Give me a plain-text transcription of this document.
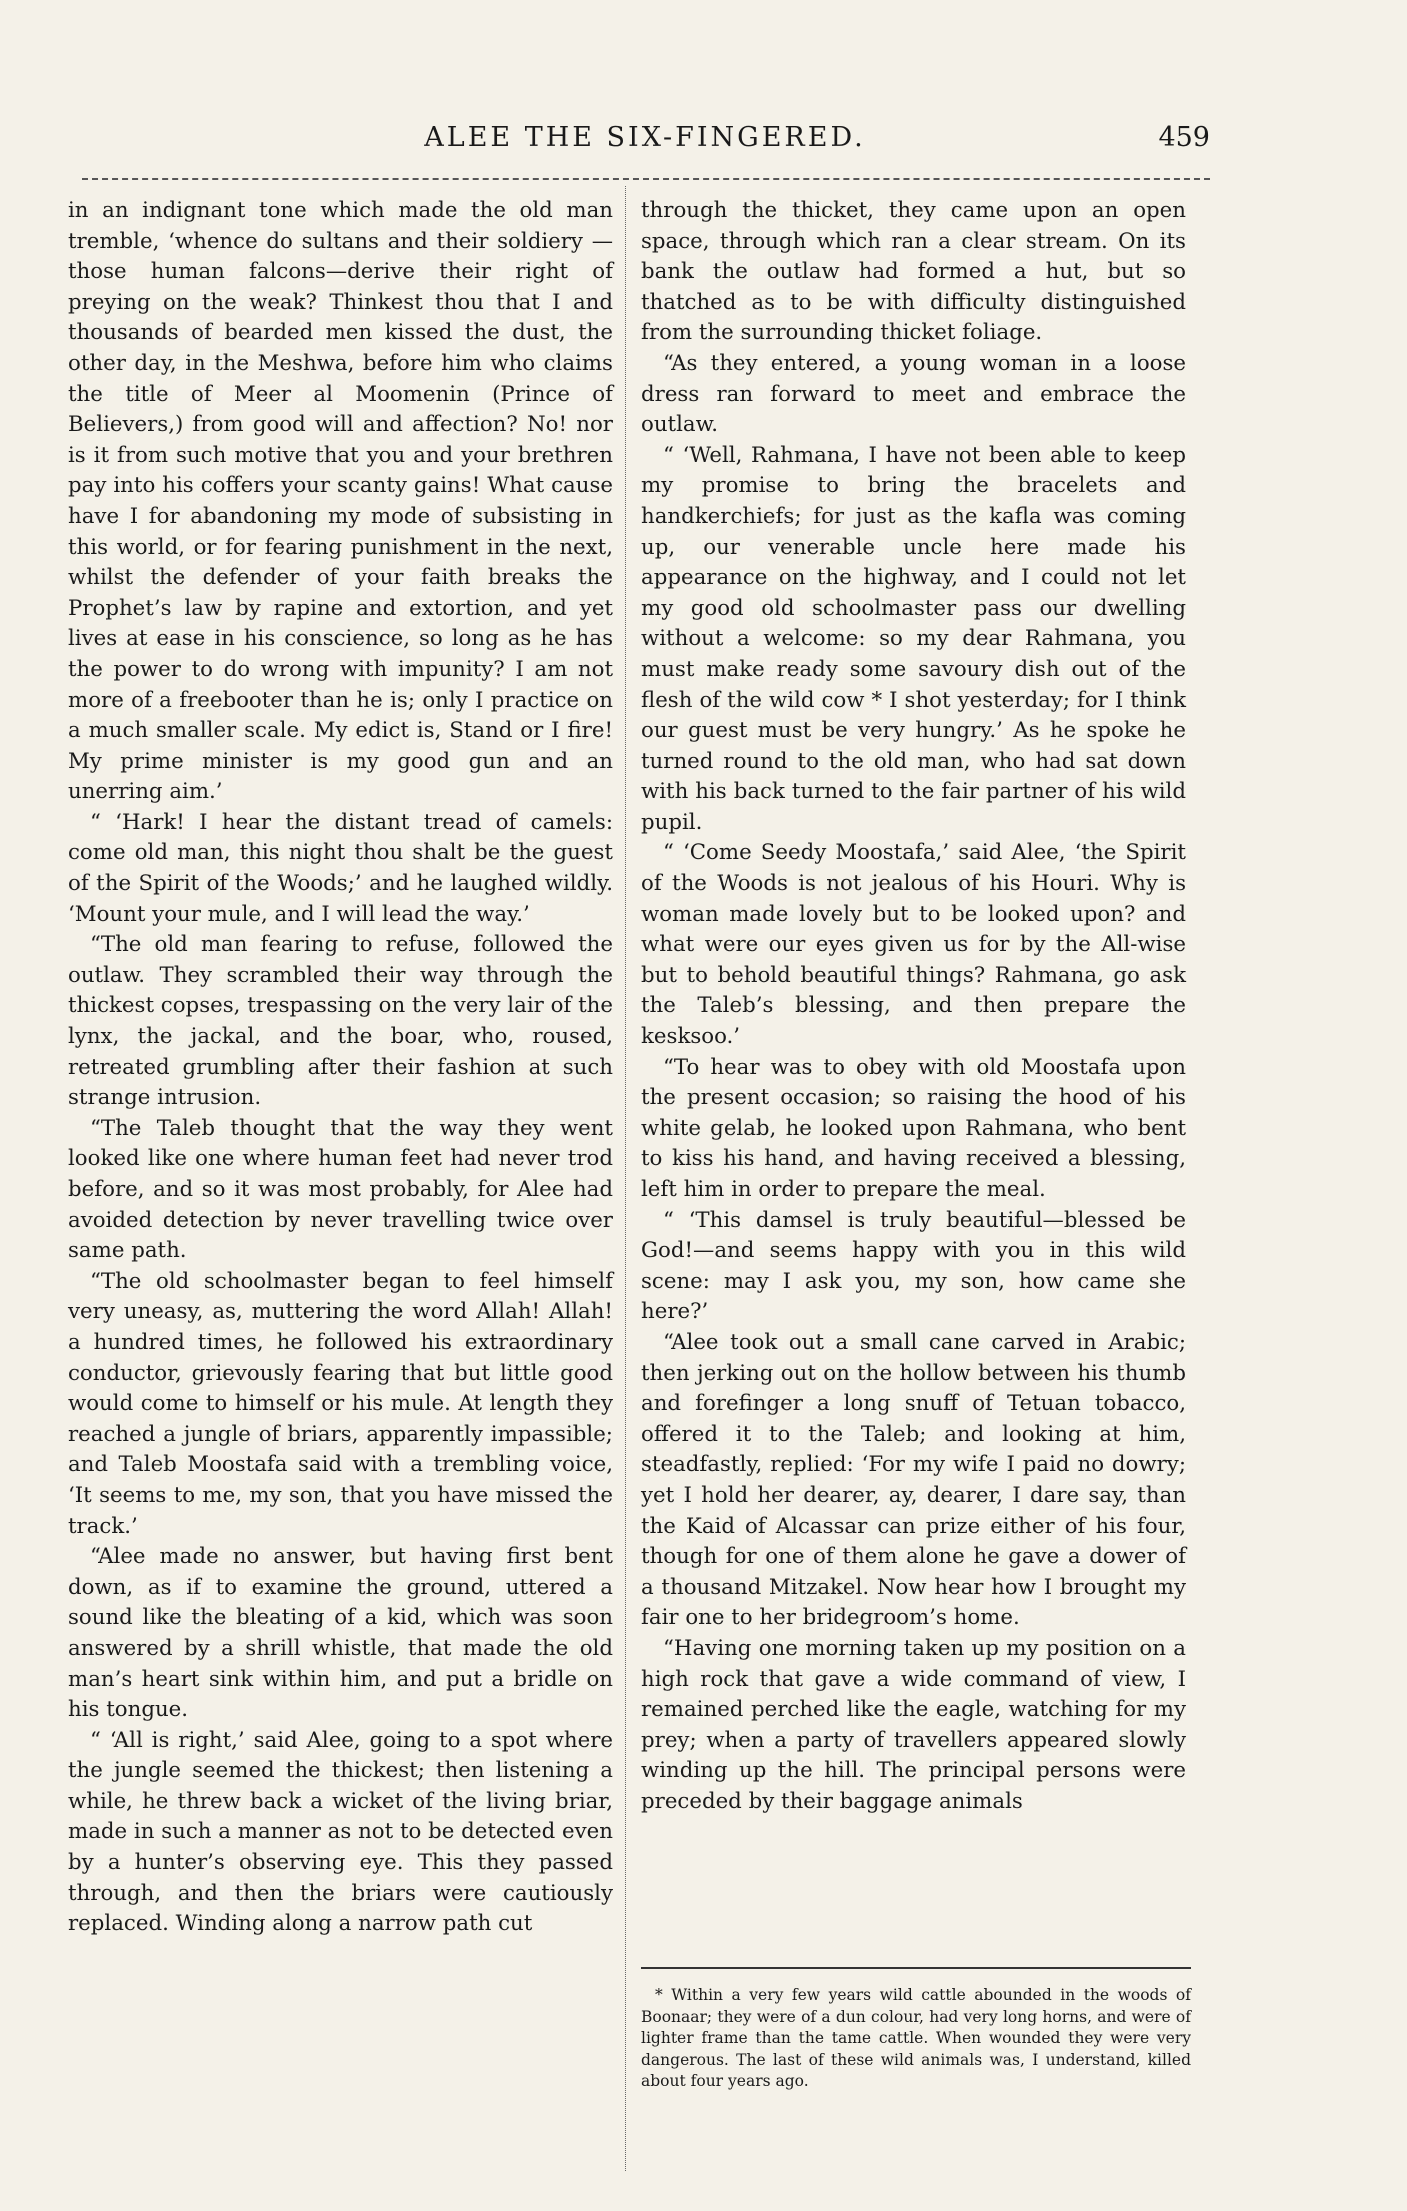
ALEE THE SIX-FINGERED.	459

in an indignant tone which made the old man tremble, ‘whence do sultans and their soldiery —those human falcons—derive their right of preying on the weak? Thinkest thou that I and thousands of bearded men kissed the dust, the other day, in the Meshwa, before him who claims the title of Meer al Moomenin (Prince of Believers,) from good will and affection? No! nor is it from such motive that you and your brethren pay into his coffers your scanty gains! What cause have I for abandoning my mode of subsisting in this world, or for fearing punishment in the next, whilst the defender of your faith breaks the Prophet’s law by rapine and extortion, and yet lives at ease in his conscience, so long as he has the power to do wrong with impunity? I am not more of a freebooter than he is; only I practice on a much smaller scale. My edict is, Stand or I fire! My prime minister is my good gun and an unerring aim.’

“ ‘Hark! I hear the distant tread of camels: come old man, this night thou shalt be the guest of the Spirit of the Woods;’ and he laughed wildly. ‘Mount your mule, and I will lead the way.’

“The old man fearing to refuse, followed the outlaw. They scrambled their way through the thickest copses, trespassing on the very lair of the lynx, the jackal, and the boar, who, roused, retreated grumbling after their fashion at such strange intrusion.

“The Taleb thought that the way they went looked like one where human feet had never trod before, and so it was most probably, for Alee had avoided detection by never travelling twice over same path.

“The old schoolmaster began to feel himself very uneasy, as, muttering the word Allah! Allah! a hundred times, he followed his extraordinary conductor, grievously fearing that but little good would come to himself or his mule. At length they reached a jungle of briars, apparently impassible; and Taleb Moostafa said with a trembling voice, ‘It seems to me, my son, that you have missed the track.’

“Alee made no answer, but having first bent down, as if to examine the ground, uttered a sound like the bleating of a kid, which was soon answered by a shrill whistle, that made the old man’s heart sink within him, and put a bridle on his tongue.

“ ‘All is right,’ said Alee, going to a spot where the jungle seemed the thickest; then listening a while, he threw back a wicket of the living briar, made in such a manner as not to be detected even by a hunter’s observing eye. This they passed through, and then the briars were cautiously replaced. Winding along a narrow path cut

through the thicket, they came upon an open space, through which ran a clear stream. On its bank the outlaw had formed a hut, but so thatched as to be with difficulty distinguished from the surrounding thicket foliage.

“As they entered, a young woman in a loose dress ran forward to meet and embrace the outlaw.

“ ‘Well, Rahmana, I have not been able to keep my promise to bring the bracelets and handkerchiefs; for just as the kafla was coming up, our venerable uncle here made his appearance on the highway, and I could not let my good old schoolmaster pass our dwelling without a welcome: so my dear Rahmana, you must make ready some savoury dish out of the flesh of the wild cow * I shot yesterday; for I think our guest must be very hungry.’ As he spoke he turned round to the old man, who had sat down with his back turned to the fair partner of his wild pupil.

“ ‘Come Seedy Moostafa,’ said Alee, ‘the Spirit of the Woods is not jealous of his Houri. Why is woman made lovely but to be looked upon? and what were our eyes given us for by the All-wise but to behold beautiful things? Rahmana, go ask the Taleb’s blessing, and then prepare the kesksoo.’

“To hear was to obey with old Moostafa upon the present occasion; so raising the hood of his white gelab, he looked upon Rahmana, who bent to kiss his hand, and having received a blessing, left him in order to prepare the meal.

“ ‘This damsel is truly beautiful—blessed be God!—and seems happy with you in this wild scene: may I ask you, my son, how came she here?’

“Alee took out a small cane carved in Arabic; then jerking out on the hollow between his thumb and forefinger a long snuff of Tetuan tobacco, offered it to the Taleb; and looking at him, steadfastly, replied: ‘For my wife I paid no dowry; yet I hold her dearer, ay, dearer, I dare say, than the Kaid of Alcassar can prize either of his four, though for one of them alone he gave a dower of a thousand Mitzakel. Now hear how I brought my fair one to her bridegroom’s home.

“Having one morning taken up my position on a high rock that gave a wide command of view, I remained perched like the eagle, watching for my prey; when a party of travellers appeared slowly winding up the hill. The principal persons were preceded by their baggage animals

* Within a very few years wild cattle abounded in the woods of Boonaar; they were of a dun colour, had very long horns, and were of lighter frame than the tame cattle. When wounded they were very dangerous. The last of these wild animals was, I understand, killed about four years ago.
